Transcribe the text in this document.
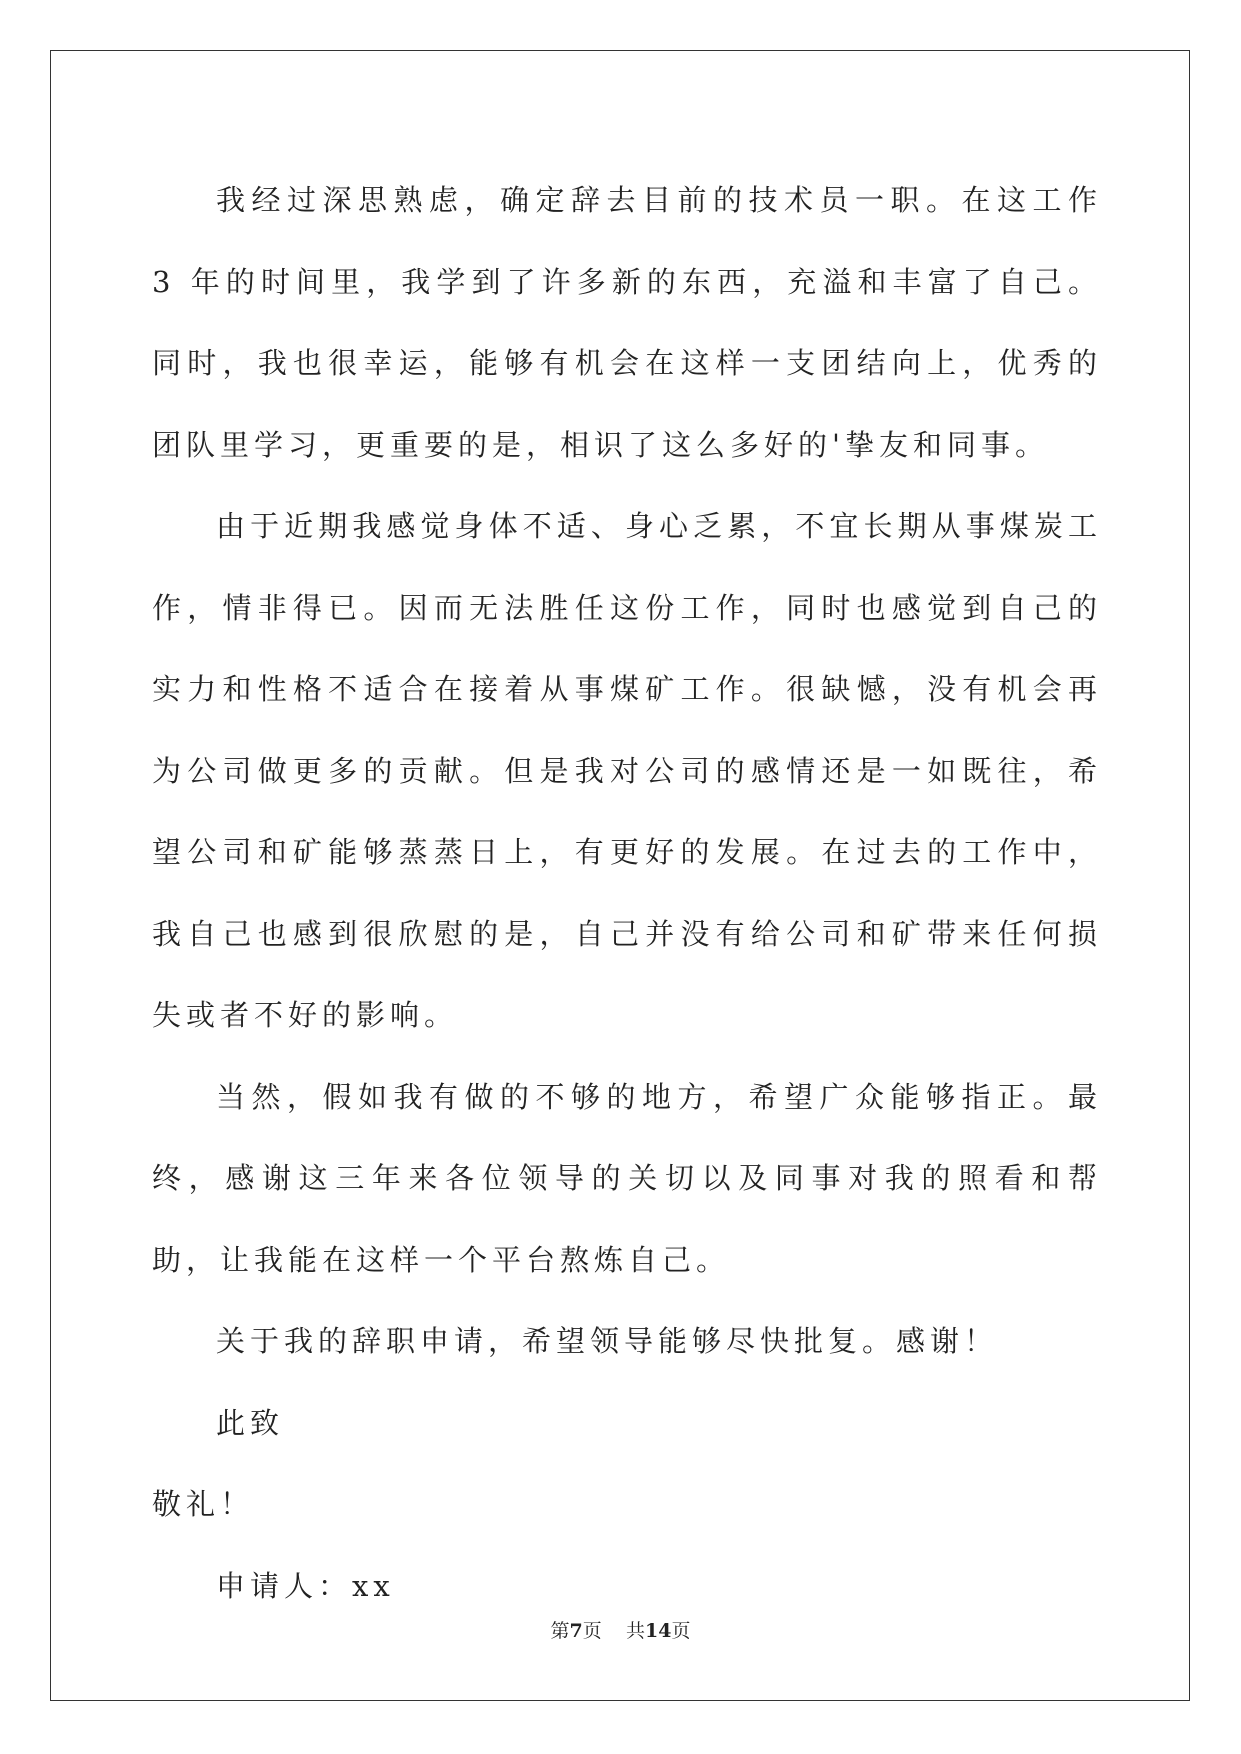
我经过深思熟虑，确定辞去目前的技术员一职。在这工作 3 年的时间里，我学到了许多新的东西，充溢和丰富了自己。同时，我也很幸运，能够有机会在这样一支团结向上，优秀的团队里学习，更重要的是，相识了这么多好的'挚友和同事。

由于近期我感觉身体不适、身心乏累，不宜长期从事煤炭工作，情非得已。因而无法胜任这份工作，同时也感觉到自己的实力和性格不适合在接着从事煤矿工作。很缺憾，没有机会再为公司做更多的贡献。但是我对公司的感情还是一如既往，希望公司和矿能够蒸蒸日上，有更好的发展。在过去的工作中，我自己也感到很欣慰的是，自己并没有给公司和矿带来任何损失或者不好的影响。

当然，假如我有做的不够的地方，希望广众能够指正。最终，感谢这三年来各位领导的关切以及同事对我的照看和帮助，让我能在这样一个平台熬炼自己。

关于我的辞职申请，希望领导能够尽快批复。感谢！

此致

敬礼！

申请人：xx

第7页 共14页
